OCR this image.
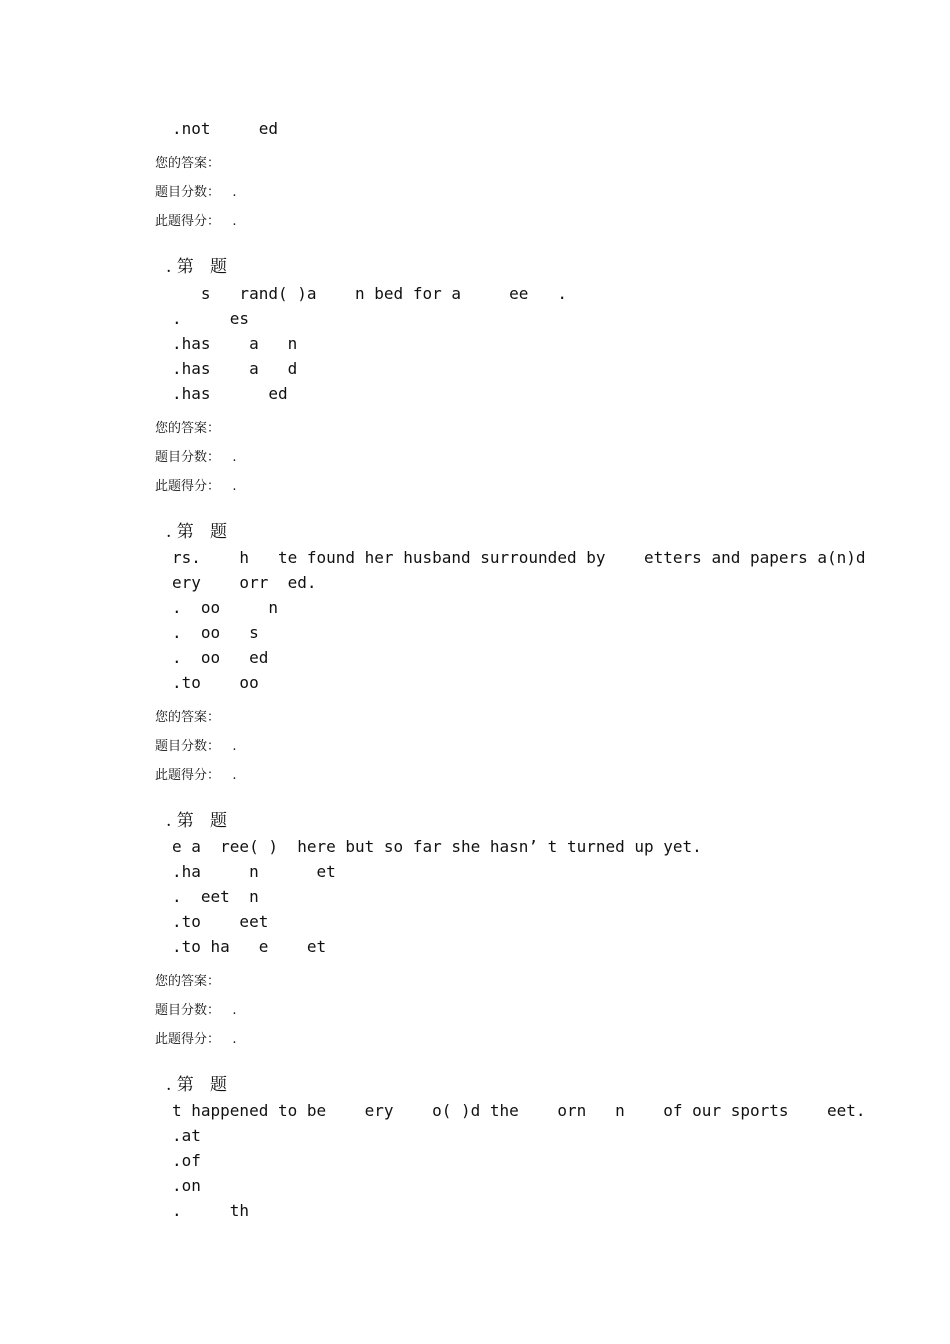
.not     ed
您的答案：
题目分数：   .
此题得分：   .
. 第   题
s   rand( )a    n bed for a     ee   .
.     es
.has    a   n
.has    a   d
.has      ed
您的答案：
题目分数：   .
此题得分：   .
. 第   题
rs.    h   te found her husband surrounded by    etters and papers a(n)d
ery    orr  ed.
.  oo     n
.  oo   s
.  oo   ed
.to    oo
您的答案：
题目分数：   .
此题得分：   .
. 第   题
e a  ree( )  here but so far she hasn’ t turned up yet.
.ha     n      et
.  eet  n
.to    eet
.to ha   e    et
您的答案：
题目分数：   .
此题得分：   .
. 第   题
t happened to be    ery    o( )d the    orn   n    of our sports    eet.
.at
.of
.on
.     th
